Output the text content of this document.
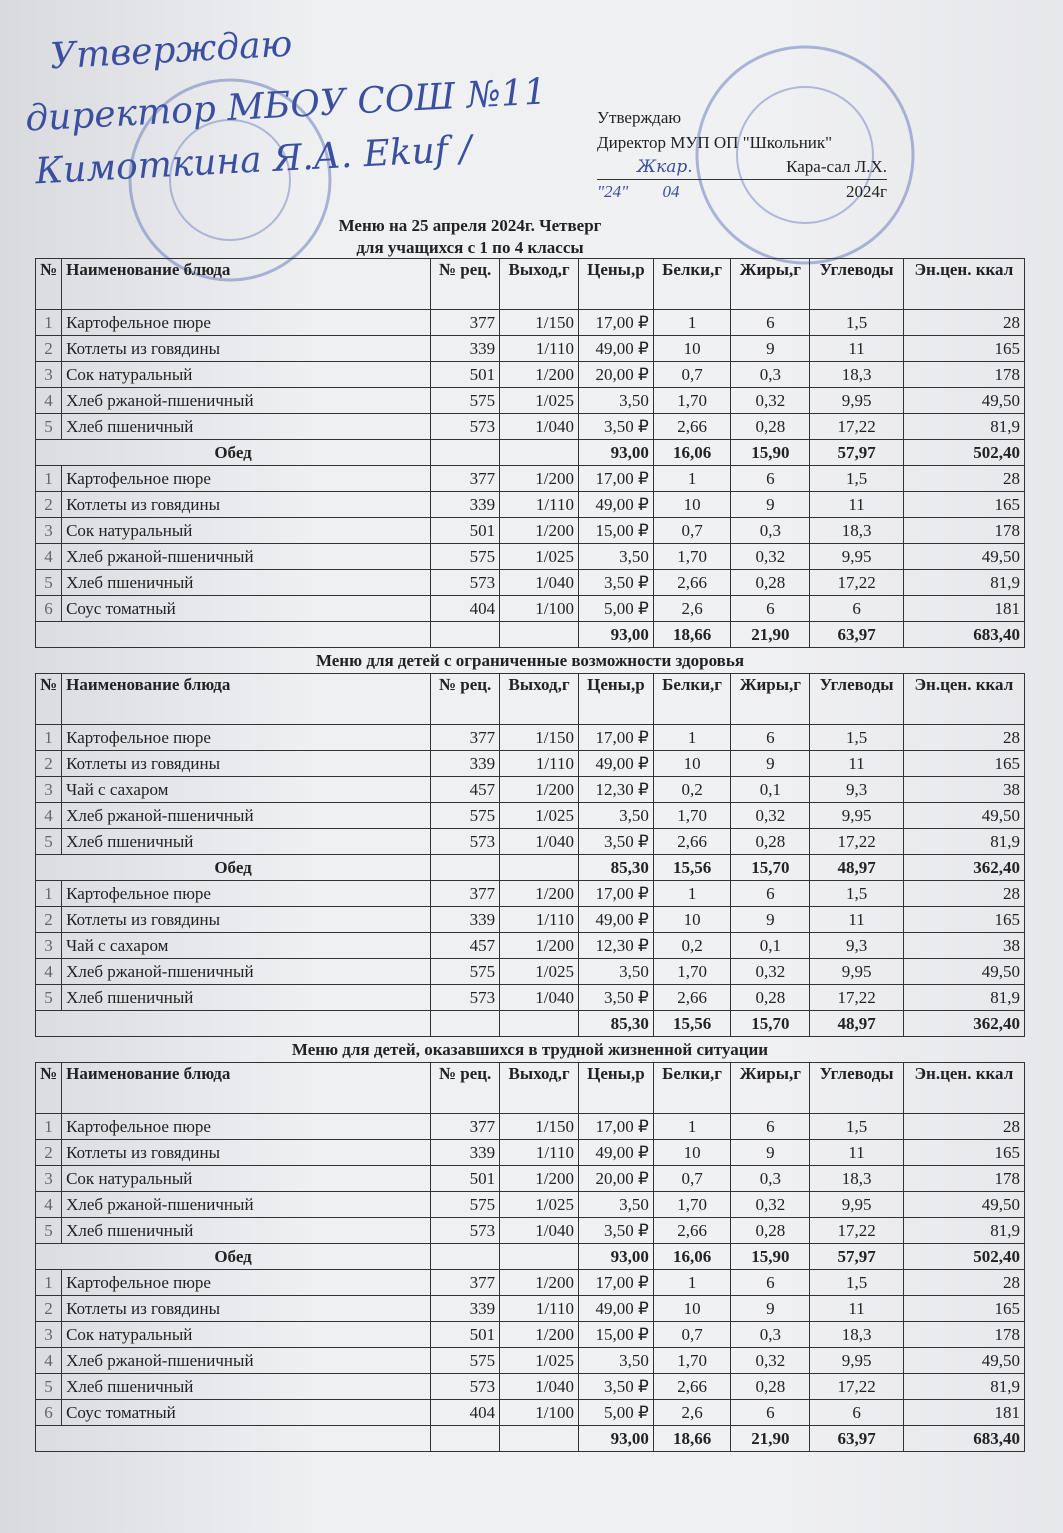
Утверждаю
директор МБОУ СОШ №11
Кимоткина Я.А. Ekuf /
Утверждаю
Директор МУП ОП "Школьник"
Жкар.	Кара-сал Л.Х.
"24" 04	2024г
Меню на 25 апреля 2024г. Четверг
для учащихся с 1 по 4 классы
№	Наименование блюда	№ рец.	Выход,г	Цены,р	Белки,г	Жиры,г	Углеводы	Эн.цен. ккал
1	Картофельное пюре	377	1/150	17,00 ₽	1	6	1,5	28
2	Котлеты из говядины	339	1/110	49,00 ₽	10	9	11	165
3	Сок натуральный	501	1/200	20,00 ₽	0,7	0,3	18,3	178
4	Хлеб ржаной-пшеничный	575	1/025	3,50	1,70	0,32	9,95	49,50
5	Хлеб пшеничный	573	1/040	3,50 ₽	2,66	0,28	17,22	81,9
Обед				93,00	16,06	15,90	57,97	502,40
1	Картофельное пюре	377	1/200	17,00 ₽	1	6	1,5	28
2	Котлеты из говядины	339	1/110	49,00 ₽	10	9	11	165
3	Сок натуральный	501	1/200	15,00 ₽	0,7	0,3	18,3	178
4	Хлеб ржаной-пшеничный	575	1/025	3,50	1,70	0,32	9,95	49,50
5	Хлеб пшеничный	573	1/040	3,50 ₽	2,66	0,28	17,22	81,9
6	Соус томатный	404	1/100	5,00 ₽	2,6	6	6	181
				93,00	18,66	21,90	63,97	683,40
Меню для детей с ограниченные возможности здоровья								
№	Наименование блюда	№ рец.	Выход,г	Цены,р	Белки,г	Жиры,г	Углеводы	Эн.цен. ккал
1	Картофельное пюре	377	1/150	17,00 ₽	1	6	1,5	28
2	Котлеты из говядины	339	1/110	49,00 ₽	10	9	11	165
3	Чай с сахаром	457	1/200	12,30 ₽	0,2	0,1	9,3	38
4	Хлеб ржаной-пшеничный	575	1/025	3,50	1,70	0,32	9,95	49,50
5	Хлеб пшеничный	573	1/040	3,50 ₽	2,66	0,28	17,22	81,9
Обед				85,30	15,56	15,70	48,97	362,40
1	Картофельное пюре	377	1/200	17,00 ₽	1	6	1,5	28
2	Котлеты из говядины	339	1/110	49,00 ₽	10	9	11	165
3	Чай с сахаром	457	1/200	12,30 ₽	0,2	0,1	9,3	38
4	Хлеб ржаной-пшеничный	575	1/025	3,50	1,70	0,32	9,95	49,50
5	Хлеб пшеничный	573	1/040	3,50 ₽	2,66	0,28	17,22	81,9
				85,30	15,56	15,70	48,97	362,40
Меню для детей, оказавшихся в трудной жизненной ситуации								
№	Наименование блюда	№ рец.	Выход,г	Цены,р	Белки,г	Жиры,г	Углеводы	Эн.цен. ккал
1	Картофельное пюре	377	1/150	17,00 ₽	1	6	1,5	28
2	Котлеты из говядины	339	1/110	49,00 ₽	10	9	11	165
3	Сок натуральный	501	1/200	20,00 ₽	0,7	0,3	18,3	178
4	Хлеб ржаной-пшеничный	575	1/025	3,50	1,70	0,32	9,95	49,50
5	Хлеб пшеничный	573	1/040	3,50 ₽	2,66	0,28	17,22	81,9
Обед				93,00	16,06	15,90	57,97	502,40
1	Картофельное пюре	377	1/200	17,00 ₽	1	6	1,5	28
2	Котлеты из говядины	339	1/110	49,00 ₽	10	9	11	165
3	Сок натуральный	501	1/200	15,00 ₽	0,7	0,3	18,3	178
4	Хлеб ржаной-пшеничный	575	1/025	3,50	1,70	0,32	9,95	49,50
5	Хлеб пшеничный	573	1/040	3,50 ₽	2,66	0,28	17,22	81,9
6	Соус томатный	404	1/100	5,00 ₽	2,6	6	6	181
				93,00	18,66	21,90	63,97	683,40
